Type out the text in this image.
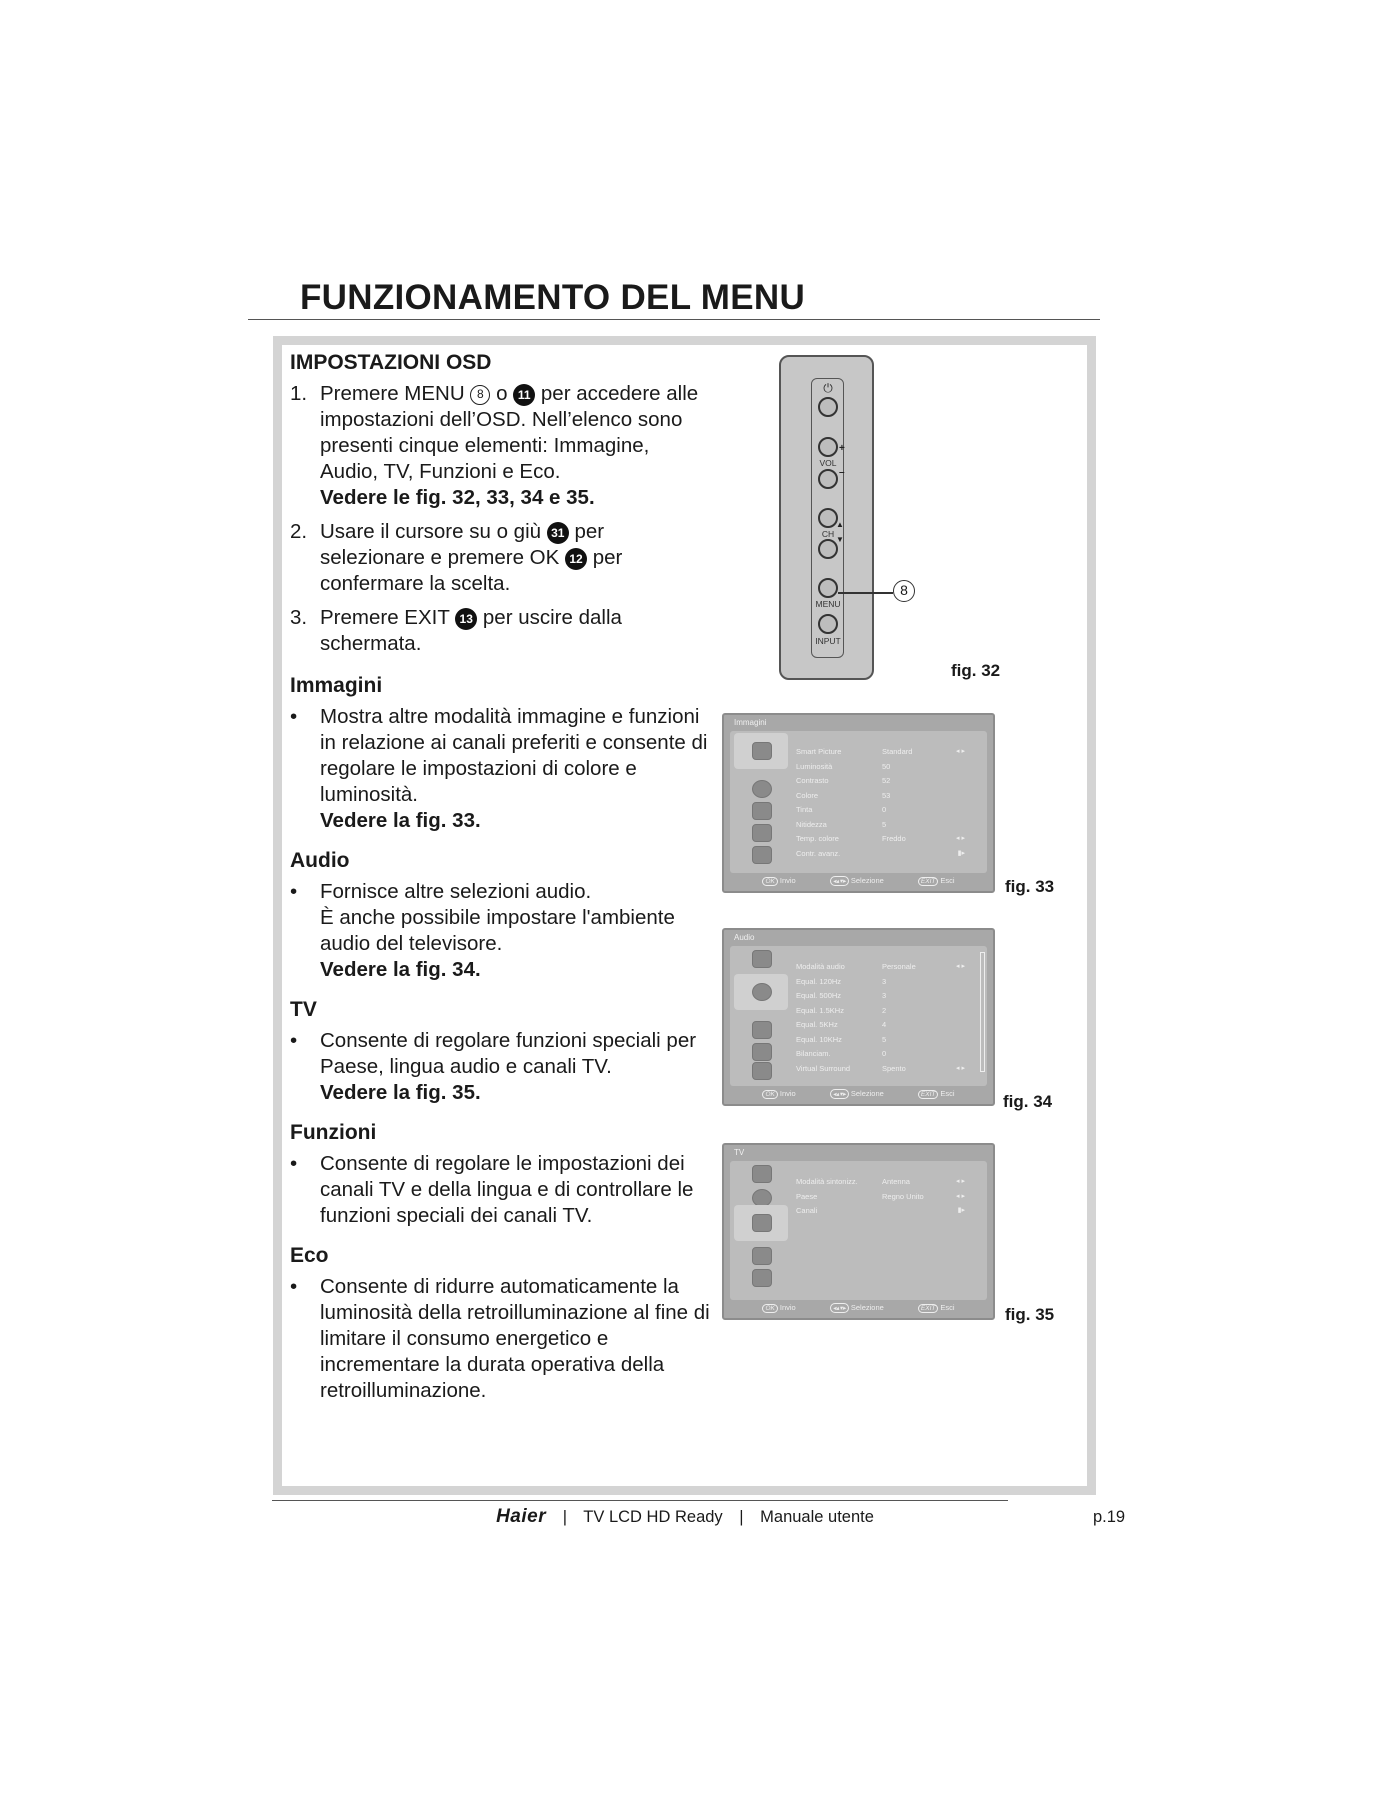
FUNZIONAMENTO DEL MENU

IMPOSTAZIONI OSD

1. Premere MENU 8 o 11 per accedere alle impostazioni dell’OSD. Nell’elenco sono presenti cinque elementi: Immagine, Audio, TV, Funzioni e Eco.
Vedere le fig. 32, 33, 34 e 35.
2. Usare il cursore su o giù 31 per selezionare e premere OK 12 per confermare la scelta.
3. Premere EXIT 13 per uscire dalla schermata.

Immagini

• Mostra altre modalità immagine e funzioni in relazione ai canali preferiti e consente di regolare le impostazioni di colore e luminosità.
Vedere la fig. 33.

Audio

• Fornisce altre selezioni audio.
È anche possibile impostare l'ambiente audio del televisore.
Vedere la fig. 34.

TV

• Consente di regolare funzioni speciali per Paese, lingua audio e canali TV.
Vedere la fig. 35.

Funzioni

• Consente di regolare le impostazioni dei canali TV e della lingua e di controllare le funzioni speciali dei canali TV.

Eco

• Consente di ridurre automaticamente la luminosità della retroilluminazione al fine di limitare il consumo energetico e incrementare la durata operativa della retroilluminazione.
⏻
+
VOL
–
▲
CH
▼
MENU
INPUT
8
fig. 32
Immagini
Smart Picture	Standard	◂ ▸
Luminosità	50
Contrasto	52
Colore	53
Tinta	0
Nitidezza	5
Temp. colore	Freddo	◂ ▸
Contr. avanz.	▮▸
OK Invio	◂▴▾▸ Selezione	EXIT Esci	fig. 33
Audio
Modalità audio	Personale	◂ ▸
Equal. 120Hz	3
Equal. 500Hz	3
Equal. 1.5KHz	2
Equal. 5KHz	4
Equal. 10KHz	5
Bilanciam.	0
Virtual Surround	Spento	◂ ▸
OK Invio	◂▴▾▸ Selezione	EXIT Esci	fig. 34
TV
Modalità sintonizz.	Antenna	◂ ▸
Paese	Regno Unito	◂ ▸
Canali	▮▸
OK Invio	◂▴▾▸ Selezione	EXIT Esci	fig. 35
Haier | TV LCD HD Ready | Manuale utente	p.19
